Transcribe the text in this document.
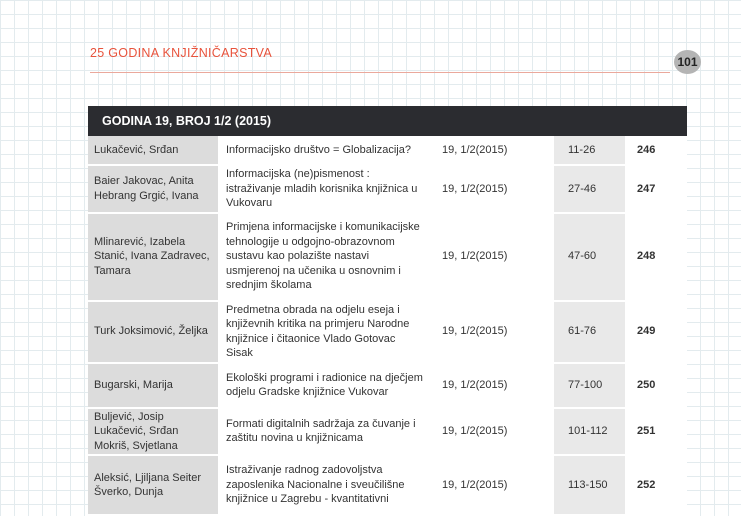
25 GODINA KNJIŽNIČARSTVA
101
GODINA 19, BROJ 1/2 (2015)
Lukačević, Srđan	Informacijsko društvo = Globalizacija?	19, 1/2(2015)	11-26	246
Baier Jakovac, Anita Hebrang Grgić, Ivana	Informacijska (ne)pismenost : istraživanje mladih korisnika knjižnica u Vukovaru	19, 1/2(2015)	27-46	247
Mlinarević, Izabela Stanić, Ivana Zadravec, Tamara	Primjena informacijske i komunikacijske tehnologije u odgojno-obrazovnom sustavu kao polazište nastavi usmjerenoj na učenika u osnovnim i srednjim školama	19, 1/2(2015)	47-60	248
Turk Joksimović, Željka	Predmetna obrada na odjelu eseja i književnih kritika na primjeru Narodne knjižnice i čitaonice Vlado Gotovac Sisak	19, 1/2(2015)	61-76	249
Bugarski, Marija	Ekološki programi i radionice na dječjem odjelu Gradske knjižnice Vukovar	19, 1/2(2015)	77-100	250
Buljević, Josip Lukačević, Srđan Mokriš, Svjetlana	Formati digitalnih sadržaja za čuvanje i zaštitu novina u knjižnicama	19, 1/2(2015)	101-112	251
Aleksić, Ljiljana Seiter Šverko, Dunja	Istraživanje radnog zadovoljstva zaposlenika Nacionalne i sveučilišne knjižnice u Zagrebu - kvantitativni	19, 1/2(2015)	113-150	252
